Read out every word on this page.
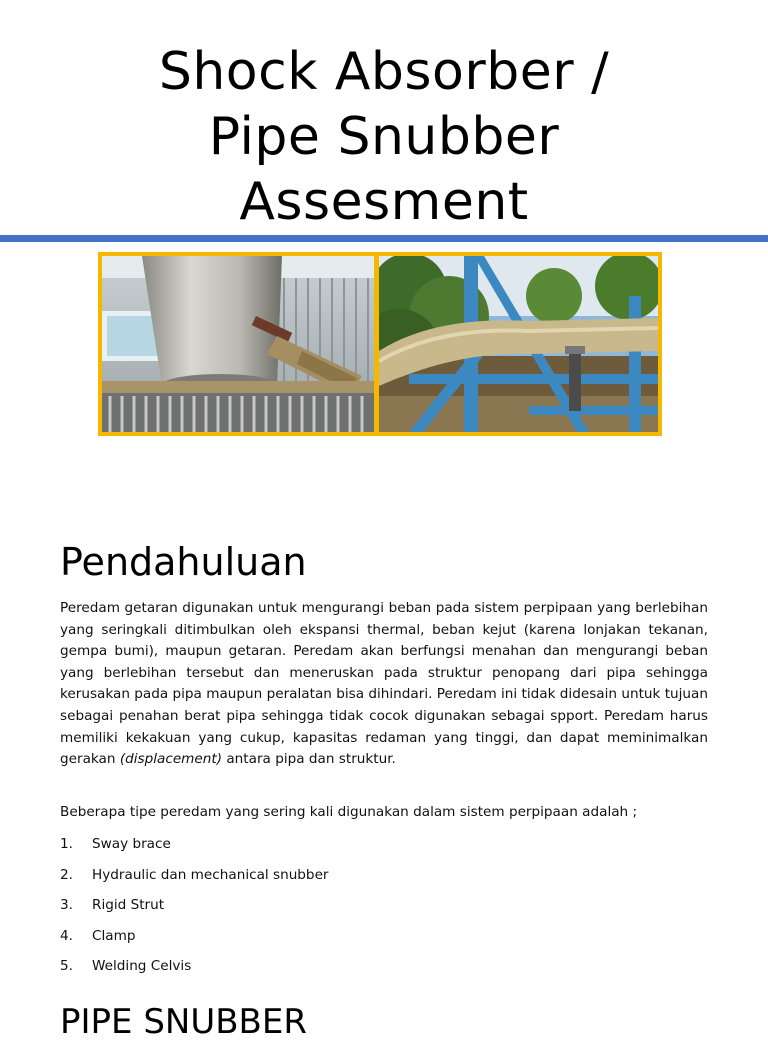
Shock Absorber /
Pipe Snubber
Assesment
Pendahuluan
Peredam getaran digunakan untuk mengurangi beban pada sistem perpipaan yang berlebihan yang seringkali ditimbulkan oleh ekspansi thermal, beban kejut (karena lonjakan tekanan, gempa bumi), maupun getaran. Peredam akan berfungsi menahan dan mengurangi beban yang berlebihan tersebut dan meneruskan pada struktur penopang dari pipa sehingga kerusakan pada pipa maupun peralatan bisa dihindari. Peredam ini tidak didesain untuk tujuan sebagai penahan berat pipa sehingga tidak cocok digunakan sebagai spport. Peredam harus memiliki kekakuan yang cukup, kapasitas redaman yang tinggi, dan dapat meminimalkan gerakan (displacement) antara pipa dan struktur.
Beberapa tipe peredam yang sering kali digunakan dalam sistem perpipaan adalah ;
1.	Sway brace
2.	Hydraulic dan mechanical snubber
3.	Rigid Strut
4.	Clamp
5.	Welding Celvis
PIPE SNUBBER
